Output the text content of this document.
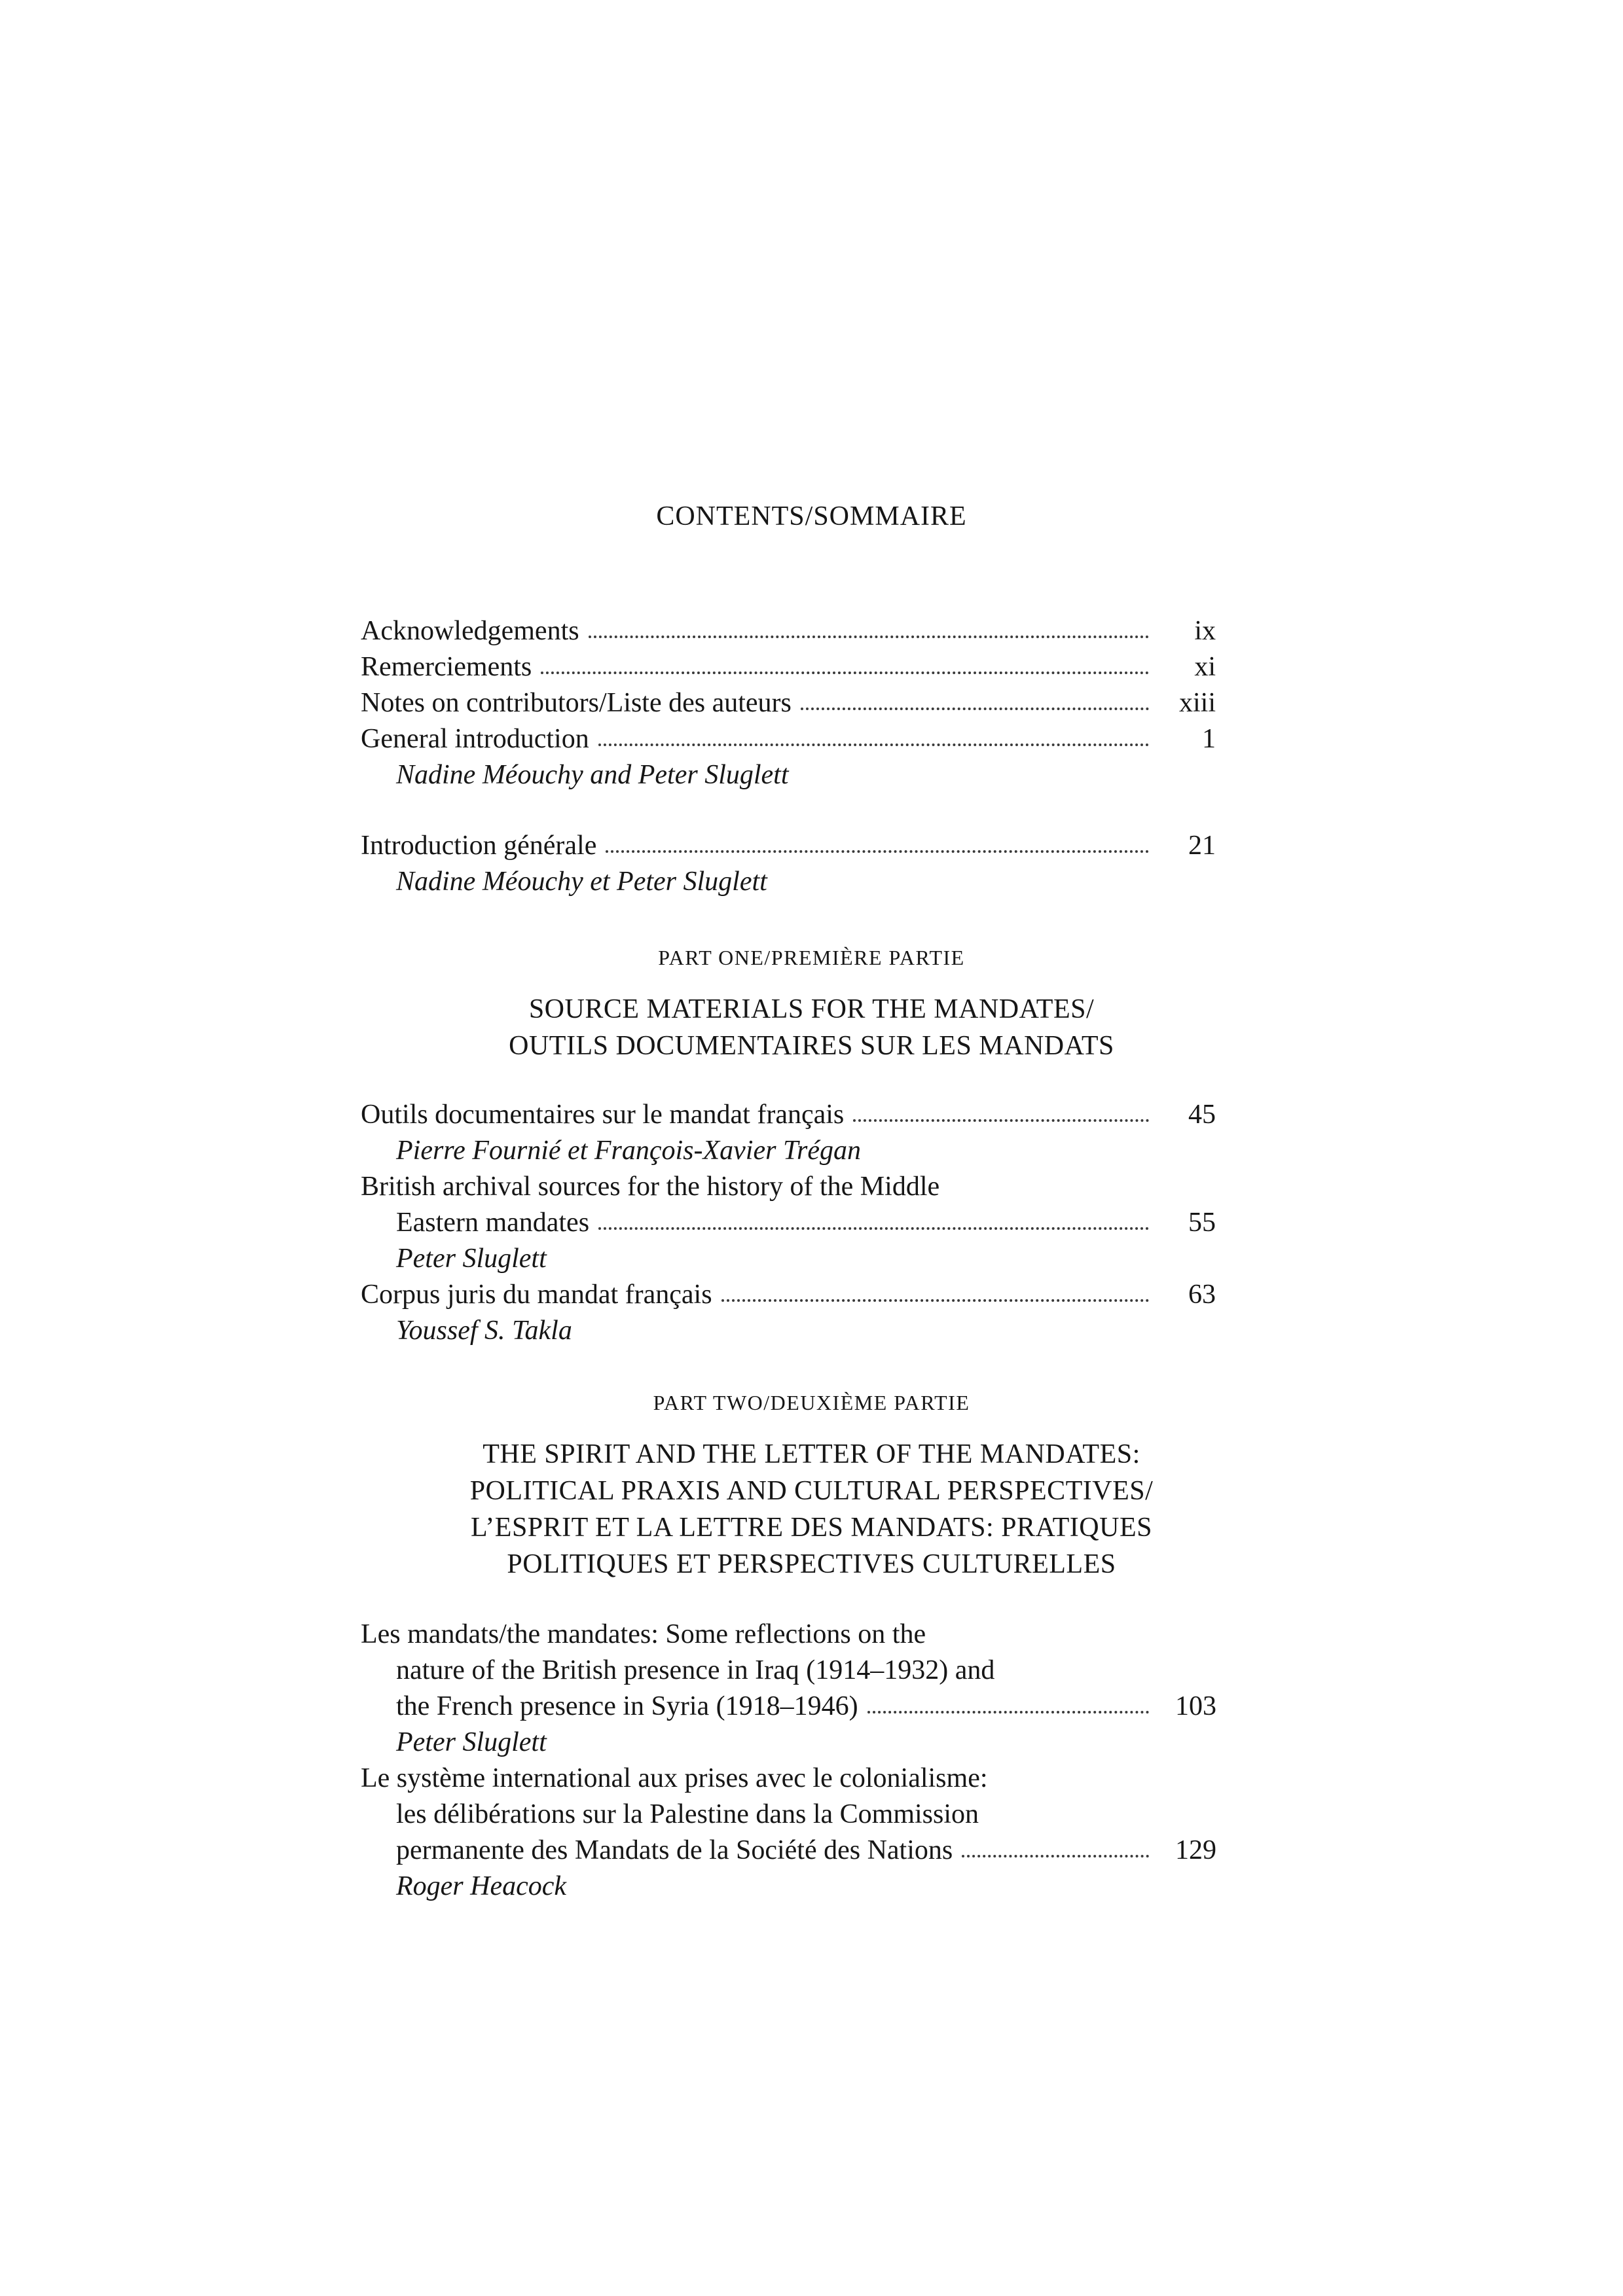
CONTENTS/SOMMAIRE
Acknowledgements	ix
Remerciements	xi
Notes on contributors/Liste des auteurs	xiii
General introduction	1
Nadine Méouchy and Peter Sluglett
Introduction générale	21
Nadine Méouchy et Peter Sluglett
PART ONE/PREMIÈRE PARTIE
SOURCE MATERIALS FOR THE MANDATES/
OUTILS DOCUMENTAIRES SUR LES MANDATS
Outils documentaires sur le mandat français	45
Pierre Fournié et François-Xavier Trégan
British archival sources for the history of the Middle
Eastern mandates	55
Peter Sluglett
Corpus juris du mandat français	63
Youssef S. Takla
PART TWO/DEUXIÈME PARTIE
THE SPIRIT AND THE LETTER OF THE MANDATES:
POLITICAL PRAXIS AND CULTURAL PERSPECTIVES/
L’ESPRIT ET LA LETTRE DES MANDATS: PRATIQUES
POLITIQUES ET PERSPECTIVES CULTURELLES
Les mandats/the mandates: Some reflections on the
nature of the British presence in Iraq (1914–1932) and
the French presence in Syria (1918–1946)	103
Peter Sluglett
Le système international aux prises avec le colonialisme:
les délibérations sur la Palestine dans la Commission
permanente des Mandats de la Société des Nations	129
Roger Heacock
